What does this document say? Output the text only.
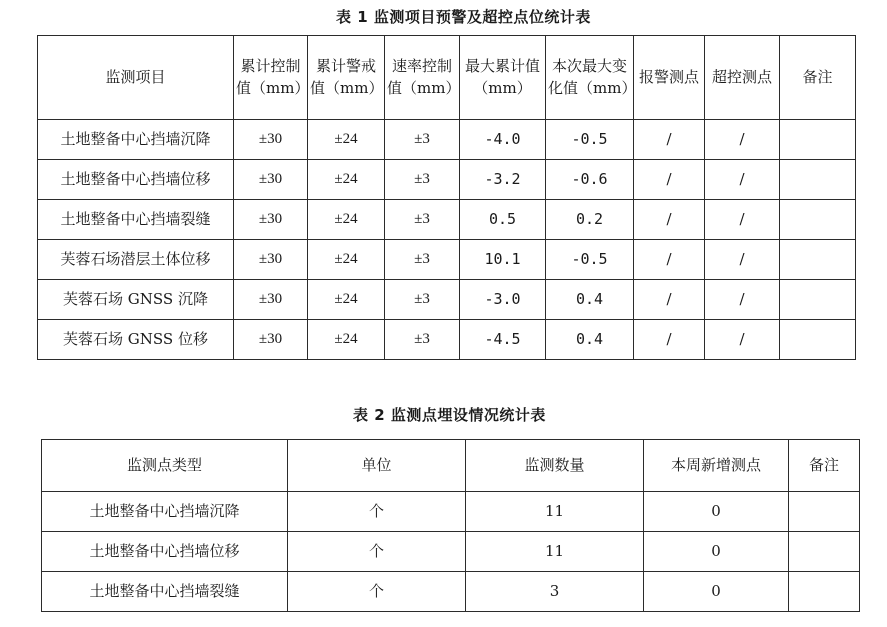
表 1 监测项目预警及超控点位统计表
监测项目	累计控制值（mm）	累计警戒值（mm）	速率控制值（mm）	最大累计值（mm）	本次最大变化值（mm）	报警测点	超控测点	备注
土地整备中心挡墙沉降	±30	±24	±3	-4.0	-0.5	/	/	
土地整备中心挡墙位移	±30	±24	±3	-3.2	-0.6	/	/	
土地整备中心挡墙裂缝	±30	±24	±3	0.5	0.2	/	/	
芙蓉石场潜层土体位移	±30	±24	±3	10.1	-0.5	/	/	
芙蓉石场 GNSS 沉降	±30	±24	±3	-3.0	0.4	/	/	
芙蓉石场 GNSS 位移	±30	±24	±3	-4.5	0.4	/	/	
表 2 监测点埋设情况统计表
监测点类型	单位	监测数量	本周新增测点	备注
土地整备中心挡墙沉降	个	11	0	
土地整备中心挡墙位移	个	11	0	
土地整备中心挡墙裂缝	个	3	0	
